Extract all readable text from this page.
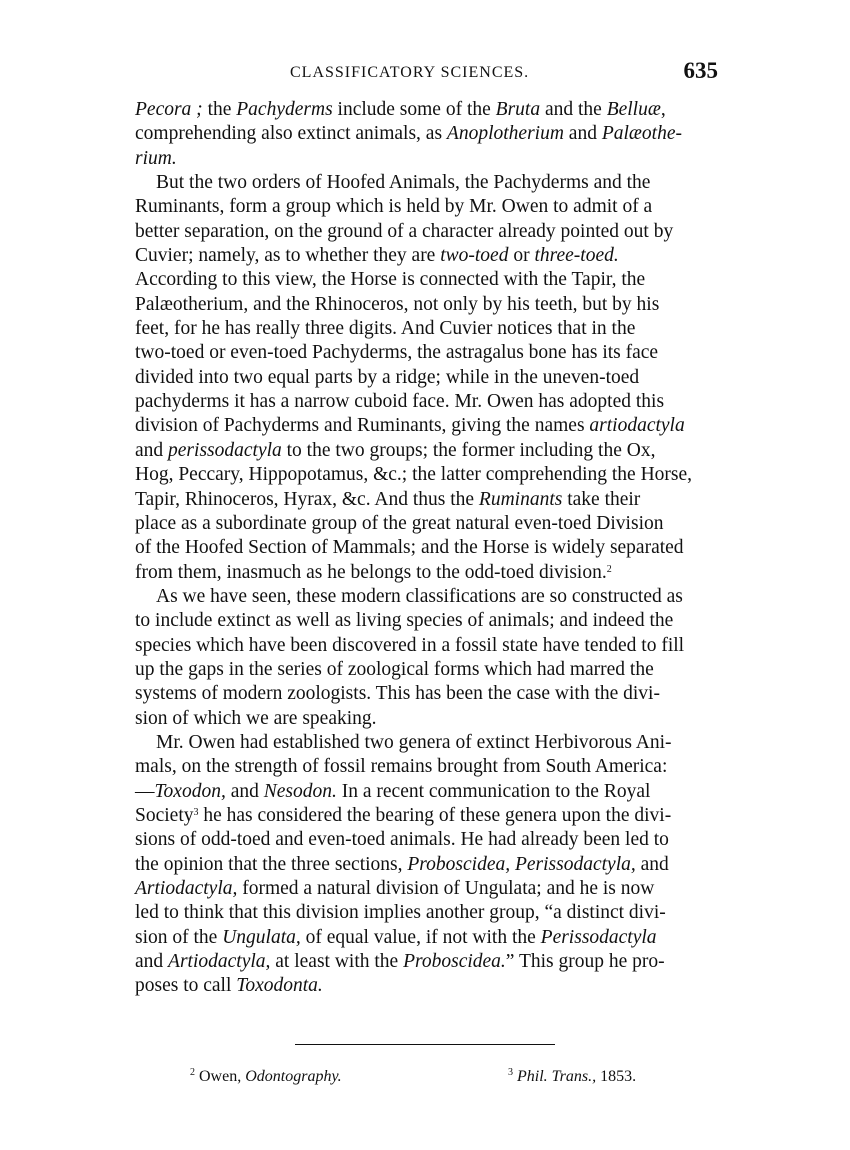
CLASSIFICATORY SCIENCES.	635
Pecora ; the Pachyderms include some of the Bruta and the Belluæ,
comprehending also extinct animals, as Anoplotherium and Palæothe-
rium.
But the two orders of Hoofed Animals, the Pachyderms and the
Ruminants, form a group which is held by Mr. Owen to admit of a
better separation, on the ground of a character already pointed out by
Cuvier; namely, as to whether they are two-toed or three-toed.
According to this view, the Horse is connected with the Tapir, the
Palæotherium, and the Rhinoceros, not only by his teeth, but by his
feet, for he has really three digits. And Cuvier notices that in the
two-toed or even-toed Pachyderms, the astragalus bone has its face
divided into two equal parts by a ridge; while in the uneven-toed
pachyderms it has a narrow cuboid face. Mr. Owen has adopted this
division of Pachyderms and Ruminants, giving the names artiodactyla
and perissodactyla to the two groups; the former including the Ox,
Hog, Peccary, Hippopotamus, &c.; the latter comprehending the Horse,
Tapir, Rhinoceros, Hyrax, &c. And thus the Ruminants take their
place as a subordinate group of the great natural even-toed Division
of the Hoofed Section of Mammals; and the Horse is widely separated
from them, inasmuch as he belongs to the odd-toed division.$^2$
As we have seen, these modern classifications are so constructed as
to include extinct as well as living species of animals; and indeed the
species which have been discovered in a fossil state have tended to fill
up the gaps in the series of zoological forms which had marred the
systems of modern zoologists. This has been the case with the divi-
sion of which we are speaking.
Mr. Owen had established two genera of extinct Herbivorous Ani-
mals, on the strength of fossil remains brought from South America:
—Toxodon, and Nesodon. In a recent communication to the Royal
Society$^3$ he has considered the bearing of these genera upon the divi-
sions of odd-toed and even-toed animals. He had already been led to
the opinion that the three sections, Proboscidea, Perissodactyla, and
Artiodactyla, formed a natural division of Ungulata; and he is now
led to think that this division implies another group, “a distinct divi-
sion of the Ungulata, of equal value, if not with the Perissodactyla
and Artiodactyla, at least with the Proboscidea.” This group he pro-
poses to call Toxodonta.
$^2$ Owen, Odontography.	$^3$ Phil. Trans., 1853.
